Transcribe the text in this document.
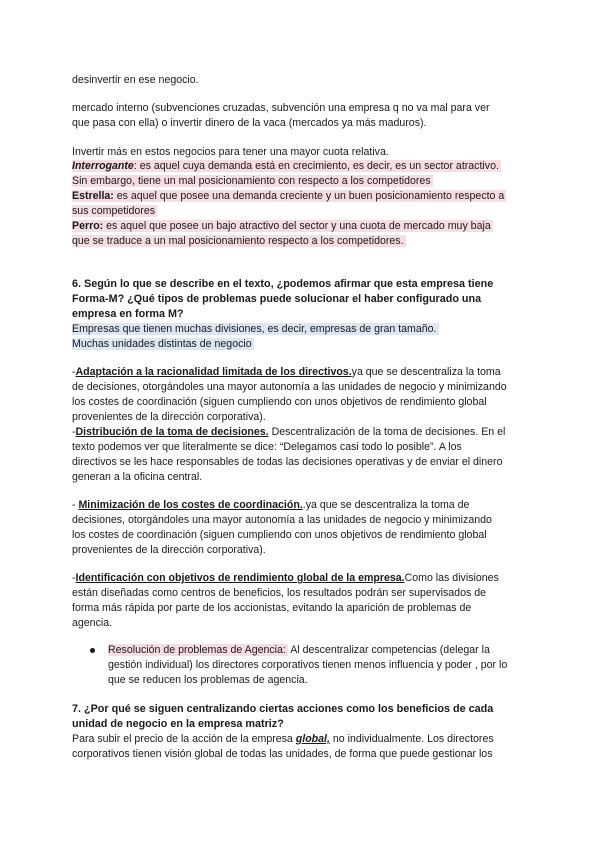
desinvertir en ese negocio.
mercado interno (subvenciones cruzadas, subvención una empresa q no va mal para ver
que pasa con ella) o invertir dinero de la vaca (mercados ya más maduros).
Invertir más en estos negocios para tener una mayor cuota relativa.
Interrogante: es aquel cuya demanda está en crecimiento, es decir, es un sector atractivo.
Sin embargo, tiene un mal posicionamiento con respecto a los competidores
Estrella: es aquel que posee una demanda creciente y un buen posicionamiento respecto a
sus competidores
Perro: es aquel que posee un bajo atractivo del sector y una cuota de mercado muy baja
que se traduce a un mal posicionamiento respecto a los competidores.
6. Según lo que se describe en el texto, ¿podemos afirmar que esta empresa tiene
Forma-M? ¿Qué tipos de problemas puede solucionar el haber configurado una
empresa en forma M?
Empresas que tienen muchas divisiones, es decir, empresas de gran tamaño.
Muchas unidades distintas de negocio
-Adaptación a la racionalidad limitada de los directivos.ya que se descentraliza la toma
de decisiones, otorgándoles una mayor autonomía a las unidades de negocio y minimizando
los costes de coordinación (siguen cumpliendo con unos objetivos de rendimiento global
provenientes de la dirección corporativa).
-Distribución de la toma de decisiones. Descentralización de la toma de decisiones. En el
texto podemos ver que literalmente se dice: “Delegamos casi todo lo posible”. A los
directivos se les hace responsables de todas las decisiones operativas y de enviar el dinero
generan a la oficina central.
- Minimización de los costes de coordinación..ya que se descentraliza la toma de
decisiones, otorgándoles una mayor autonomía a las unidades de negocio y minimizando
los costes de coordinación (siguen cumpliendo con unos objetivos de rendimiento global
provenientes de la dirección corporativa).
-Identificación con objetivos de rendimiento global de la empresa.Como las divisiones
están diseñadas como centros de beneficios, los resultados podrán ser supervisados de
forma más rápida por parte de los accionistas, evitando la aparición de problemas de
agencia.
Resolución de problemas de Agencia: Al descentralizar competencias (delegar la
gestión individual) los directores corporativos tienen menos influencia y poder , por lo
que se reducen los problemas de agencia.
7. ¿Por qué se siguen centralizando ciertas acciones como los beneficios de cada
unidad de negocio en la empresa matriz?
Para subir el precio de la acción de la empresa global, no individualmente. Los directores
corporativos tienen visión global de todas las unidades, de forma que puede gestionar los
